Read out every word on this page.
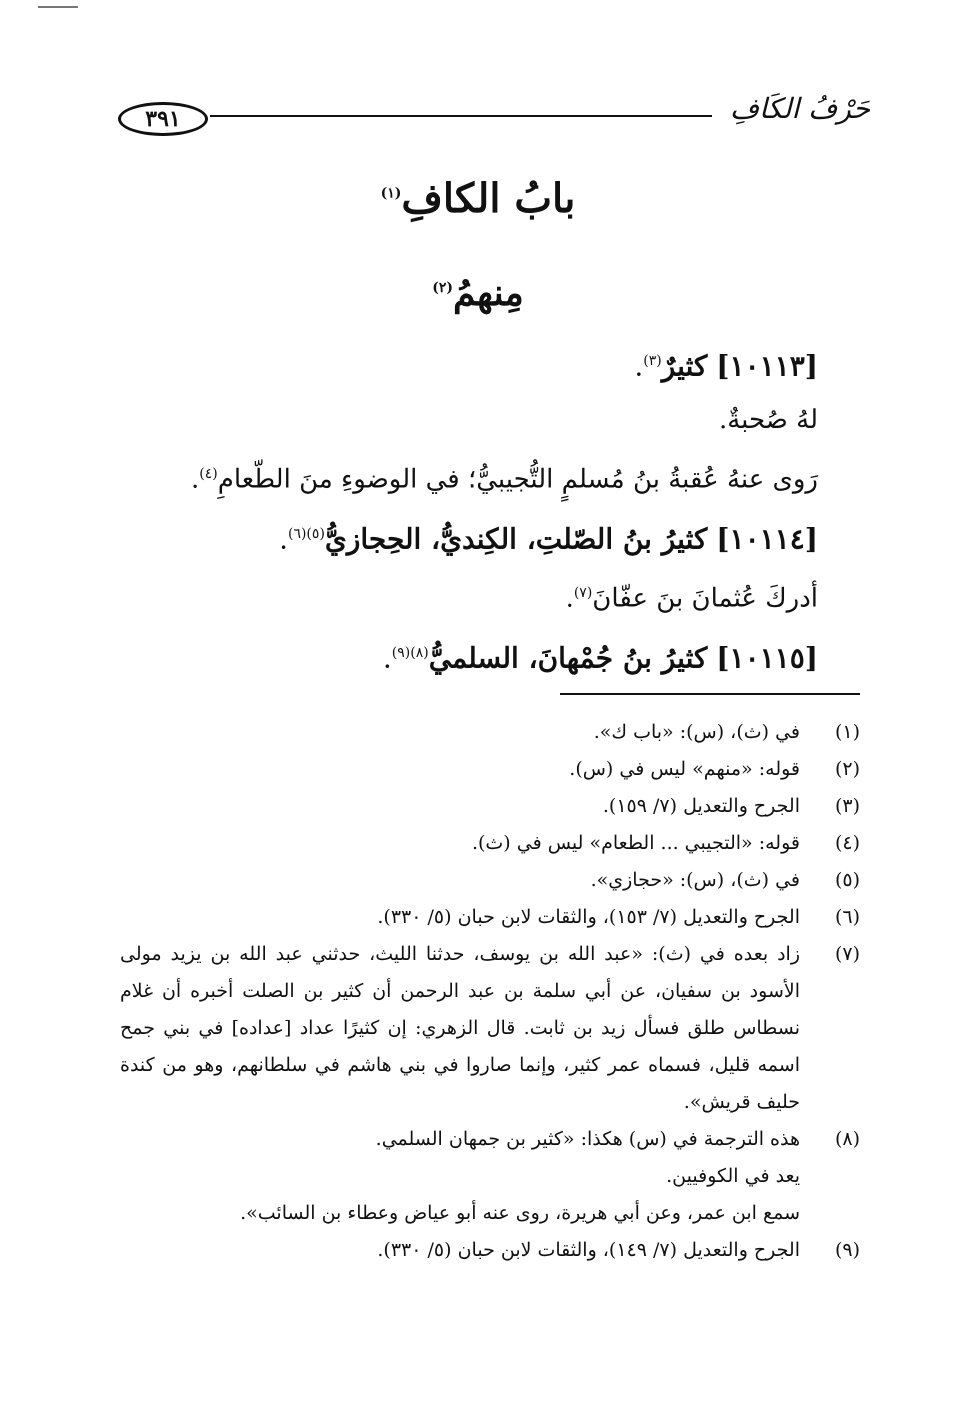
٣٩١	حَرْفُ الكَافِ
بابُ الكافِ$^{(١)}$
مِنهمُ$^{(٢)}$

[١٠١١٣] كثيرٌ$^{(٣)}$.

لهُ صُحبةٌ.

رَوى عنهُ عُقبةُ بنُ مُسلمٍ التُّجيبيُّ؛ في الوضوءِ منَ الطّعامِ$^{(٤)}$.

[١٠١١٤] كثيرُ بنُ الصّلتِ، الكِنديُّ، الحِجازيُّ$^{(٥)(٦)}$.

أدركَ عُثمانَ بنَ عفّانَ$^{(٧)}$.

[١٠١١٥] كثيرُ بنُ جُمْهانَ، السلميُّ$^{(٨)(٩)}$.

(١)
في (ث)، (س): «باب ك».
(٢)
قوله: «منهم» ليس في (س).
(٣)
الجرح والتعديل (٧/ ١٥٩).
(٤)
قوله: «التجيبي ... الطعام» ليس في (ث).
(٥)
في (ث)، (س): «حجازي».
(٦)
الجرح والتعديل (٧/ ١٥٣)، والثقات لابن حبان (٥/ ٣٣٠).
(٧)
زاد بعده في (ث): «عبد الله بن يوسف، حدثنا الليث، حدثني عبد الله بن يزيد مولى الأسود بن سفيان، عن أبي سلمة بن عبد الرحمن أن كثير بن الصلت أخبره أن غلام نسطاس طلق فسأل زيد بن ثابت. قال الزهري: إن كثيرًا عداد [عداده] في بني جمح اسمه قليل، فسماه عمر كثير، وإنما صاروا في بني هاشم في سلطانهم، وهو من كندة حليف قريش».
(٨)
هذه الترجمة في (س) هكذا: «كثير بن جمهان السلمي.
يعد في الكوفيين.
سمع ابن عمر، وعن أبي هريرة، روى عنه أبو عياض وعطاء بن السائب».
(٩)
الجرح والتعديل (٧/ ١٤٩)، والثقات لابن حبان (٥/ ٣٣٠).
